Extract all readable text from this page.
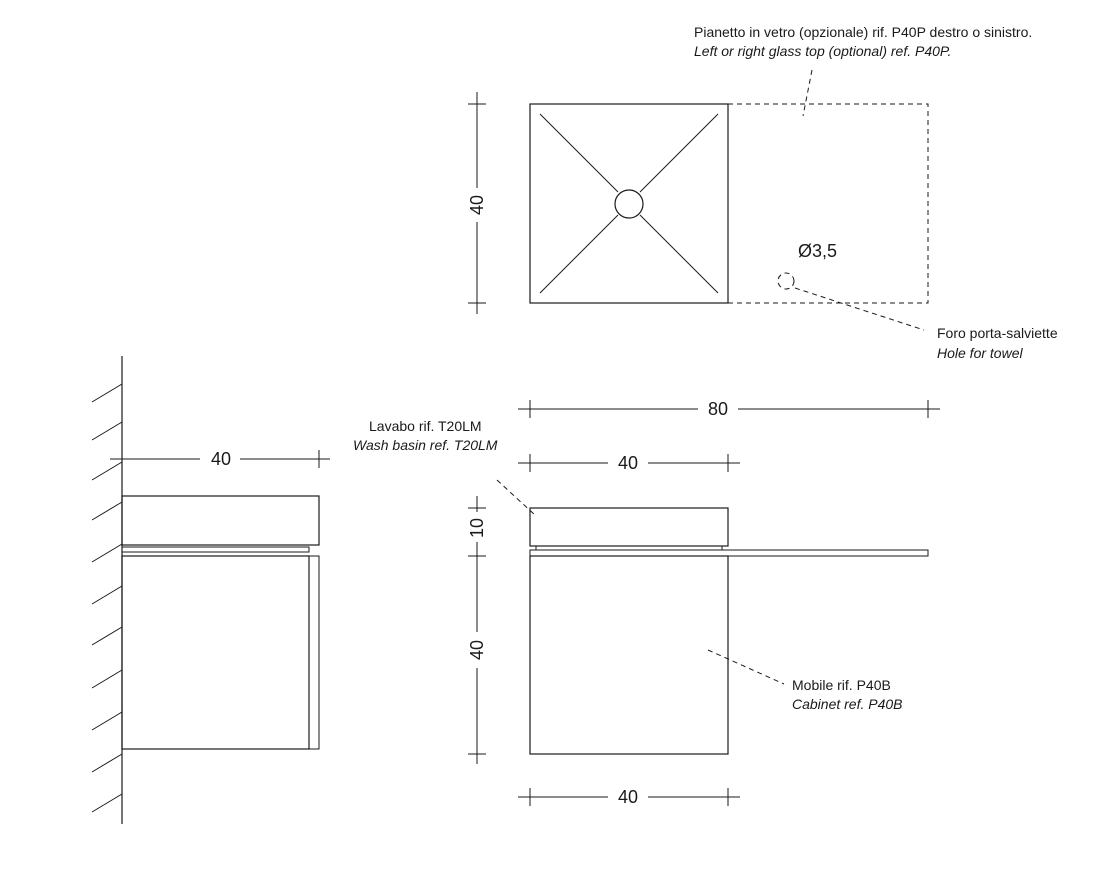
Ø3,5
Pianetto in vetro (opzionale) rif. P40P destro o sinistro.
Left or right glass top (optional) ref. P40P.
Foro porta-salviette
Hole for towel
40
40
Lavabo rif. T20LM
Wash basin ref. T20LM
Mobile rif. P40B
Cabinet ref. P40B
80
40
40
10
40
